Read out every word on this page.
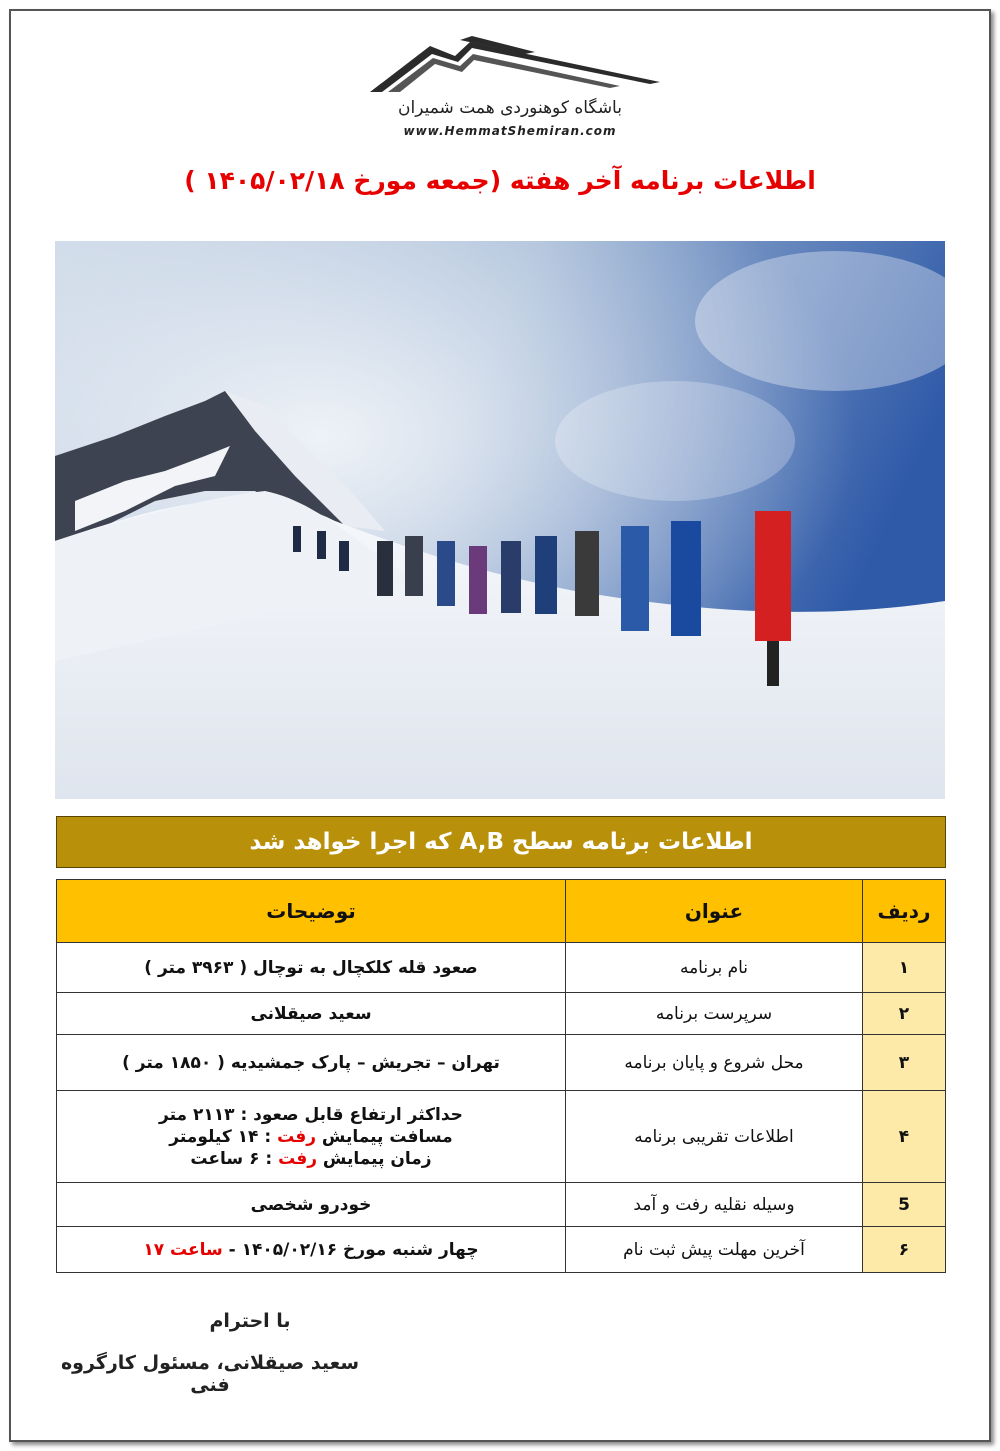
باشگاه کوهنوردی همت شمیران
www.HemmatShemiran.com
اطلاعات برنامه آخر هفته (جمعه مورخ ۱۴۰۵/۰۲/۱۸ )
اطلاعات برنامه سطح A,B که اجرا خواهد شد
ردیف	عنوان	توضیحات
۱	نام برنامه	صعود قله کلکچال به توچال ( ۳۹۶۳ متر )
۲	سرپرست برنامه	سعید صیقلانی
۳	محل شروع و پایان برنامه	تهران – تجریش – پارک جمشیدیه ( ۱۸۵۰ متر )
۴	اطلاعات تقریبی برنامه	حداکثر ارتفاع قابل صعود : ۲۱۱۳ متر
مسافت پیمایش رفت : ۱۴ کیلومتر
زمان پیمایش رفت : ۶ ساعت

5	وسیله نقلیه رفت و آمد	خودرو شخصی
۶	آخرین مهلت پیش ثبت نام	چهار شنبه مورخ ۱۴۰۵/۰۲/۱۶ - ساعت ۱۷
با احترام
سعید صیقلانی، مسئول کارگروه فنی
